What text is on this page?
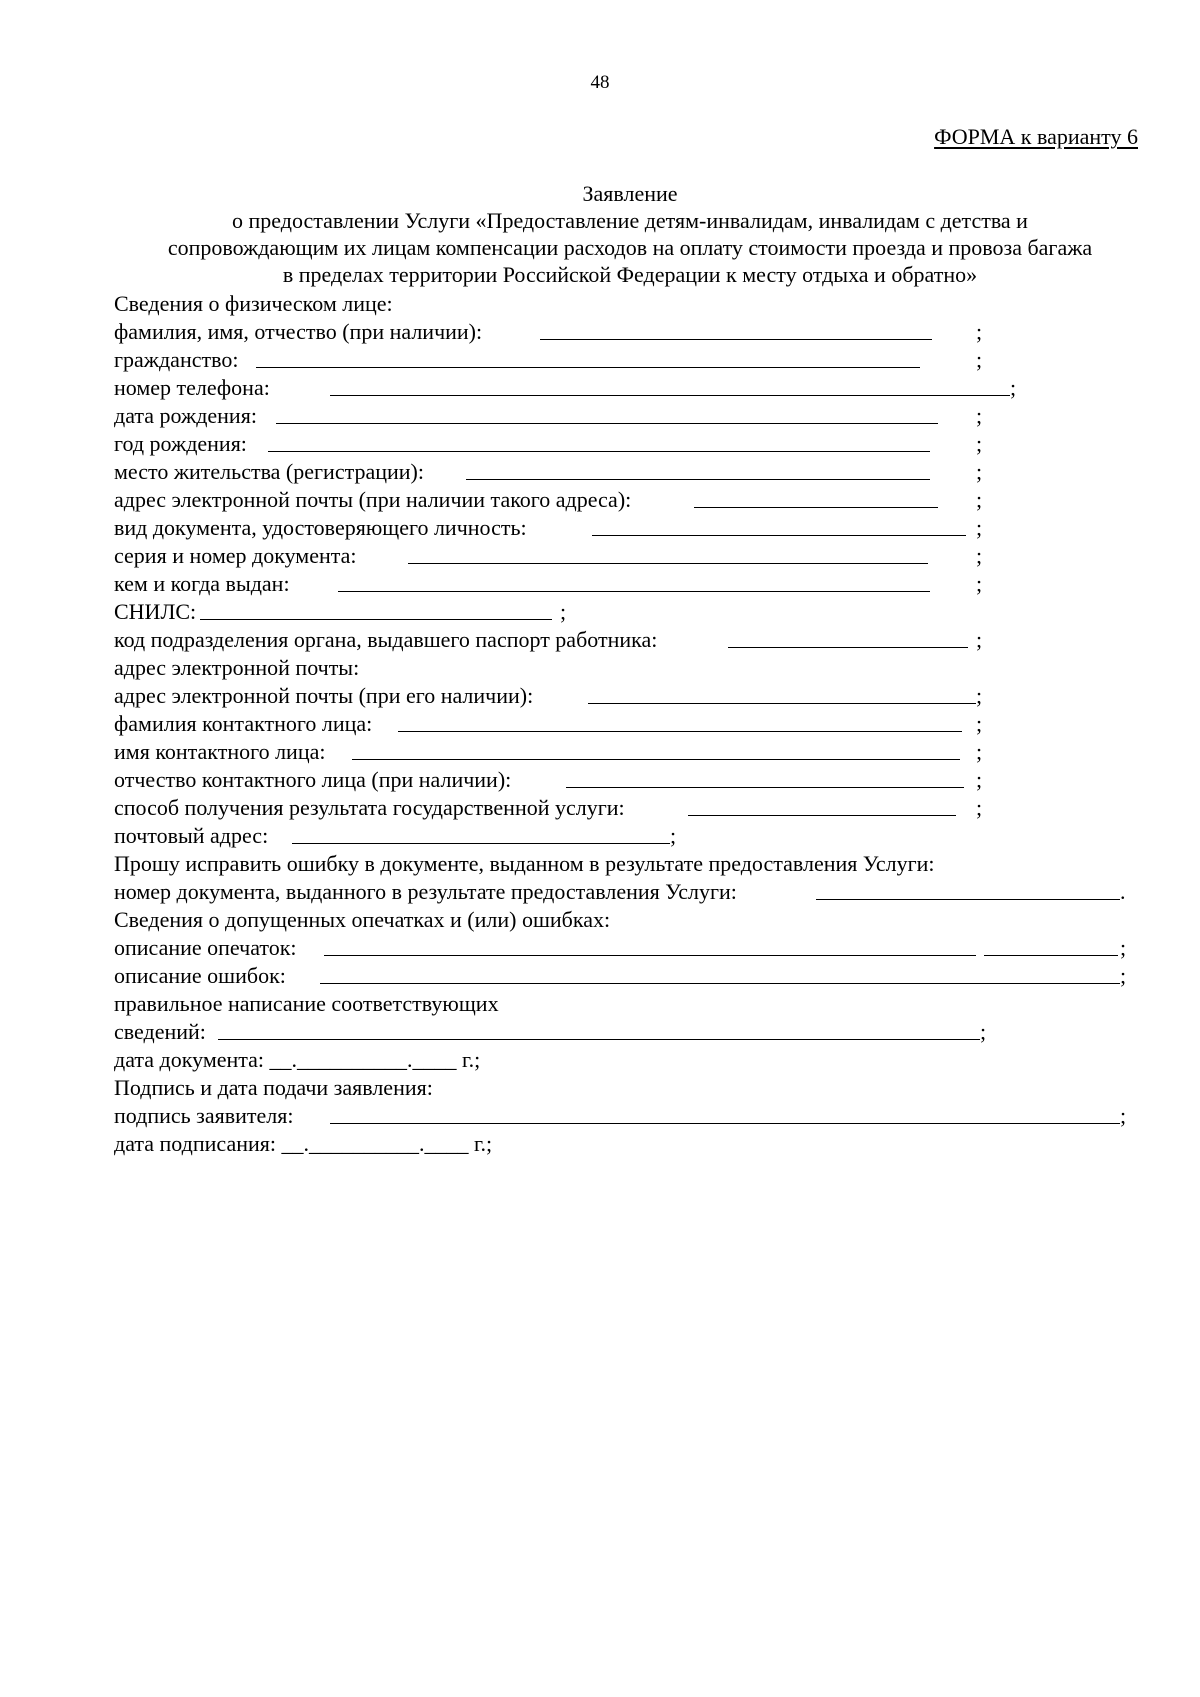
48
ФОРМА к варианту 6
Заявление
о предоставлении Услуги «Предоставление детям-инвалидам, инвалидам с детства и
сопровождающим их лицам компенсации расходов на оплату стоимости проезда и провоза багажа
в пределах территории Российской Федерации к месту отдыха и обратно»
Сведения о физическом лице:
фамилия, имя, отчество (при наличии):	;
гражданство:	;
номер телефона:	;
дата рождения:	;
год рождения:	;
место жительства (регистрации):	;
адрес электронной почты (при наличии такого адреса):	;
вид документа, удостоверяющего личность:	;
серия и номер документа:	;
кем и когда выдан:	;
СНИЛС:	;
код подразделения органа, выдавшего паспорт работника:	;
адрес электронной почты:
адрес электронной почты (при его наличии):	;
фамилия контактного лица:	;
имя контактного лица:	;
отчество контактного лица (при наличии):	;
способ получения результата государственной услуги:	;
почтовый адрес:	;
Прошу исправить ошибку в документе, выданном в результате предоставления Услуги:
номер документа, выданного в результате предоставления Услуги:	.
Сведения о допущенных опечатках и (или) ошибках:
описание опечаток:	;
описание ошибок:	;
правильное написание соответствующих
сведений:	;
дата документа: __.__________.____ г.;
Подпись и дата подачи заявления:
подпись заявителя:	;
дата подписания: __.__________.____ г.;
